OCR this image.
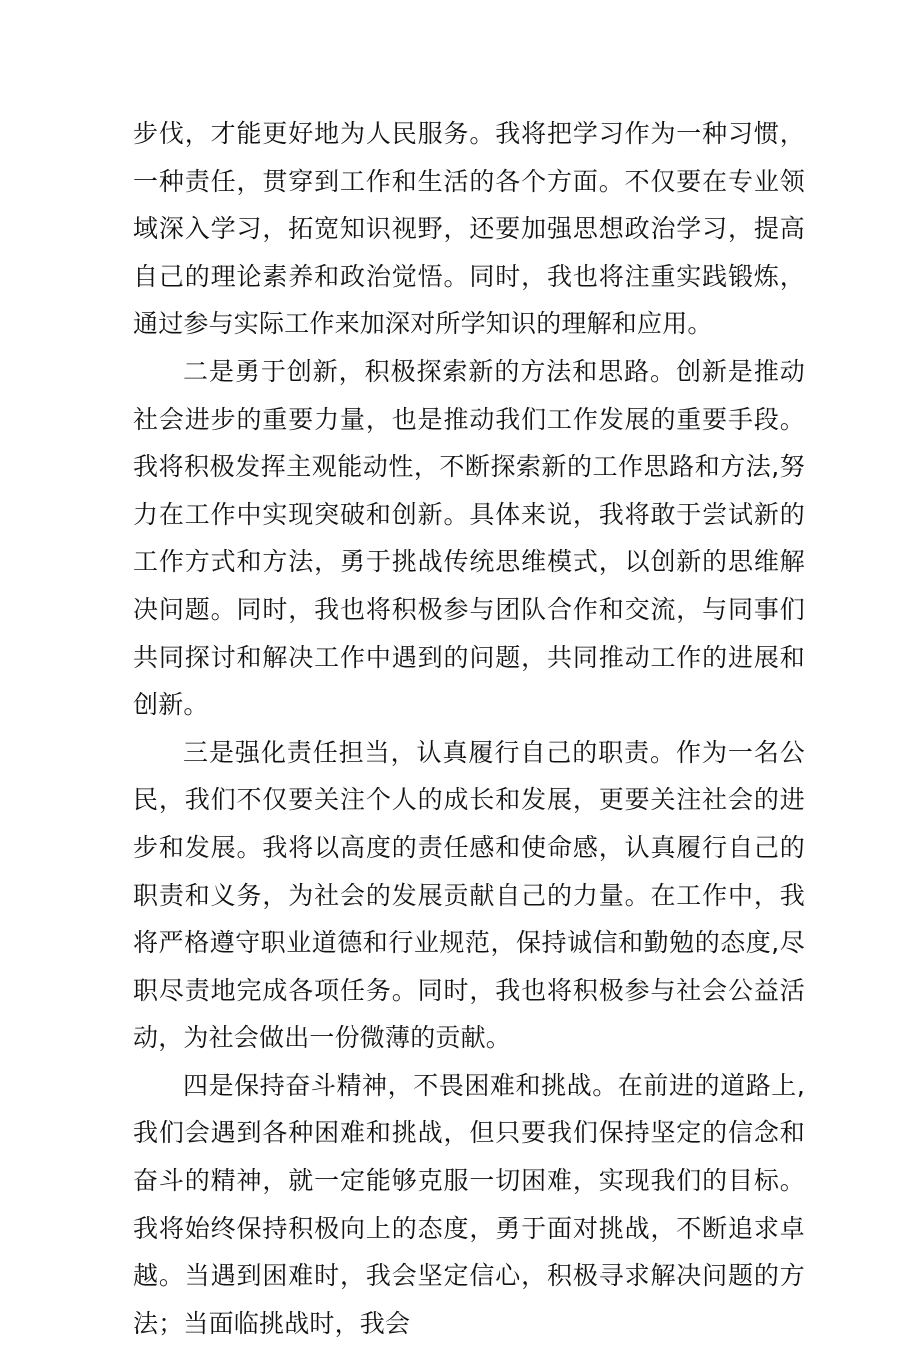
步伐，才能更好地为人民服务。我将把学习作为一种习惯，一种责任，贯穿到工作和生活的各个方面。不仅要在专业领域深入学习，拓宽知识视野，还要加强思想政治学习，提高自己的理论素养和政治觉悟。同时，我也将注重实践锻炼，通过参与实际工作来加深对所学知识的理解和应用。

二是勇于创新，积极探索新的方法和思路。创新是推动社会进步的重要力量，也是推动我们工作发展的重要手段。我将积极发挥主观能动性，不断探索新的工作思路和方法,努力在工作中实现突破和创新。具体来说，我将敢于尝试新的工作方式和方法，勇于挑战传统思维模式，以创新的思维解决问题。同时，我也将积极参与团队合作和交流，与同事们共同探讨和解决工作中遇到的问题，共同推动工作的进展和创新。

三是强化责任担当，认真履行自己的职责。作为一名公民，我们不仅要关注个人的成长和发展，更要关注社会的进步和发展。我将以高度的责任感和使命感，认真履行自己的职责和义务，为社会的发展贡献自己的力量。在工作中，我将严格遵守职业道德和行业规范，保持诚信和勤勉的态度,尽职尽责地完成各项任务。同时，我也将积极参与社会公益活动，为社会做出一份微薄的贡献。

四是保持奋斗精神，不畏困难和挑战。在前进的道路上,我们会遇到各种困难和挑战，但只要我们保持坚定的信念和奋斗的精神，就一定能够克服一切困难，实现我们的目标。我将始终保持积极向上的态度，勇于面对挑战，不断追求卓越。当遇到困难时，我会坚定信心，积极寻求解决问题的方法；当面临挑战时，我会
